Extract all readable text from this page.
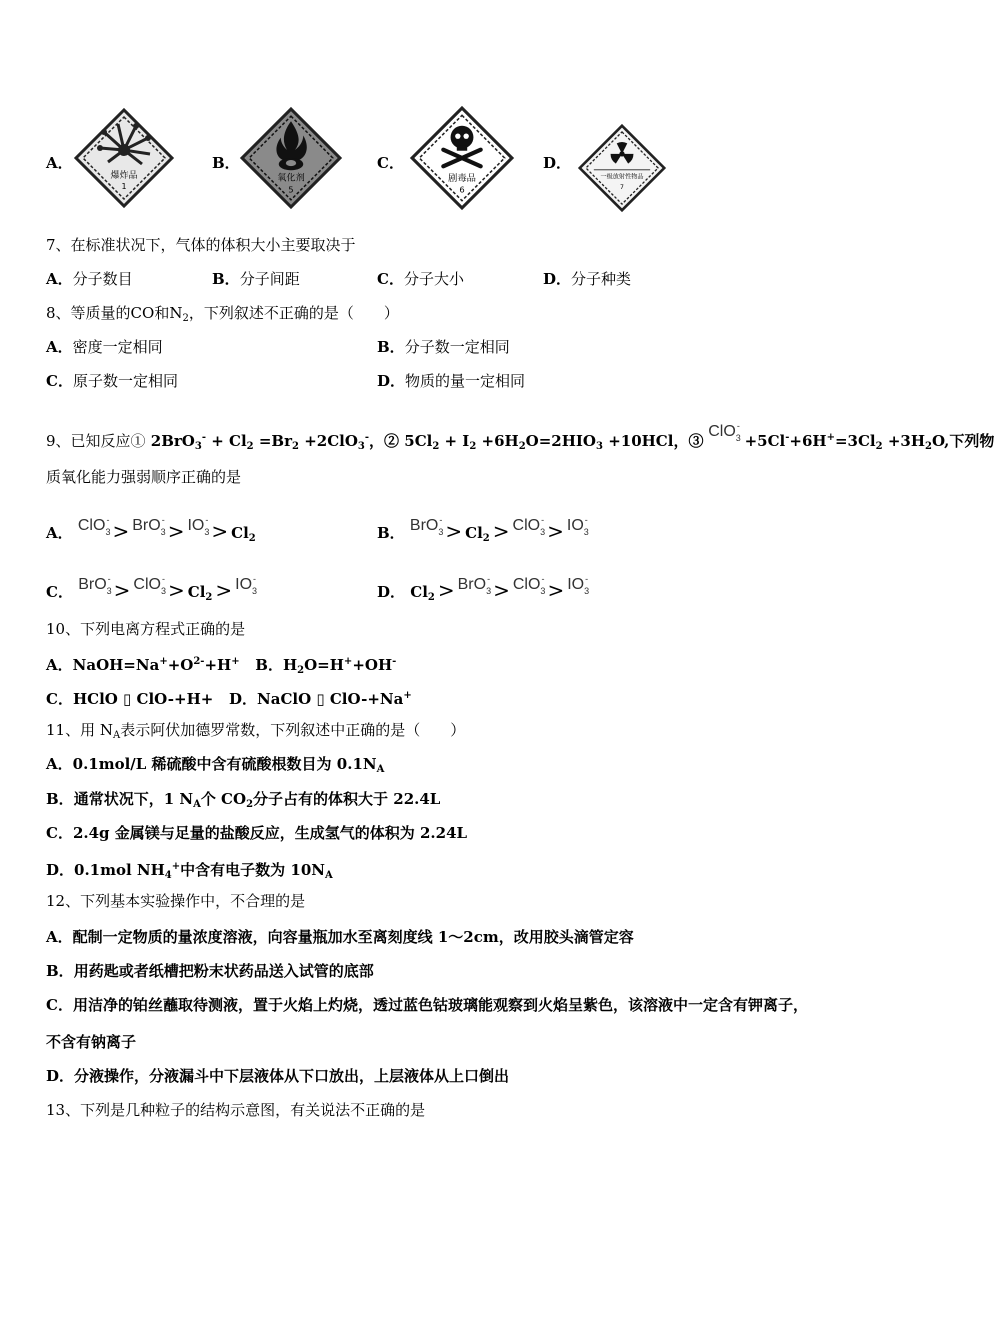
A．
爆炸品
1
B．
氧化剂
5
C．
剧毒品
6
D．
一级放射性物品
7
7、在标准状况下，气体的体积大小主要取决于
A．分子数目	B．分子间距	C．分子大小	D．分子种类
8、等质量的CO和$N_2$，下列叙述不正确的是（　　）
A．密度一定相同	B．分子数一定相同
C．原子数一定相同	D．物质的量一定相同
9、已知反应① $2BrO_3^- + Cl_2 =Br_2 +2ClO_3^-$，② $5Cl_2 + I_2 +6H_2O=2HIO_3 +10HCl$，③ $ClO_3^- +5Cl^-+6H^+=3Cl_2 +3H_2O$,下列物
质氧化能力强弱顺序正确的是
A． $ClO_3^- > BrO_3^- > IO_3^- > Cl_2$	B． $BrO_3^- > Cl_2 > ClO_3^- > IO_3^-$
C． $BrO_3^- > ClO_3^- > Cl_2 > IO_3^-$
D． $Cl_2 > BrO_3^- > ClO_3^- > IO_3^-$
10、下列电离方程式正确的是
A．$NaOH=Na^++O^{2-}+H^+$ B．$H_2O=H^++OH^-$
C．HClO ▯ ClO-+H+ D．NaClO ▯ ClO-+Na+
11、用 $N_A$表示阿伏加德罗常数，下列叙述中正确的是（　　）
A．0.1mol/L 稀硫酸中含有硫酸根数目为 $0.1N_A$
B．通常状况下，1 $N_A$个 $CO_2$分子占有的体积大于 22.4L
C．2.4g 金属镁与足量的盐酸反应，生成氢气的体积为 2.24L
D．0.1mol $NH_4^+$中含有电子数为 $10N_A$
12、下列基本实验操作中，不合理的是
A．配制一定物质的量浓度溶液，向容量瓶加水至离刻度线 1～2cm，改用胶头滴管定容
B．用药匙或者纸槽把粉末状药品送入试管的底部
C．用洁净的铂丝蘸取待测液，置于火焰上灼烧，透过蓝色钴玻璃能观察到火焰呈紫色，该溶液中一定含有钾离子，
不含有钠离子
D．分液操作，分液漏斗中下层液体从下口放出，上层液体从上口倒出
13、下列是几种粒子的结构示意图，有关说法不正确的是
